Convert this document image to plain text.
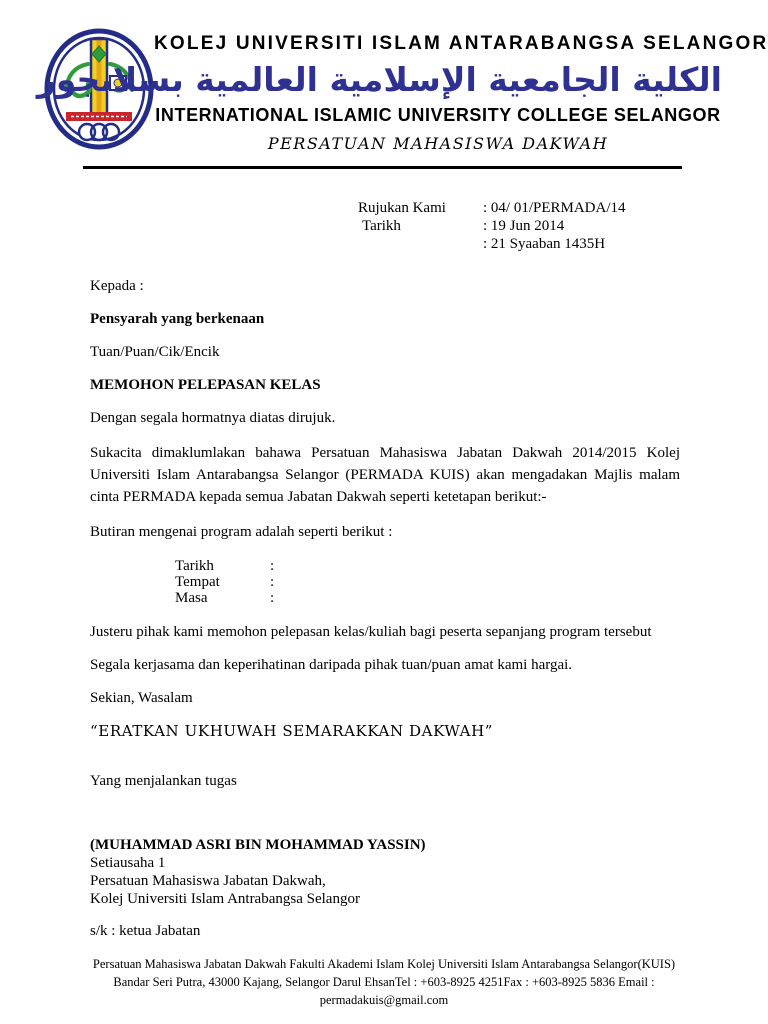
KOLEJ UNIVERSITI ISLAM ANTARABANGSA SELANGOR
الكلية الجامعية الإسلامية العالمية بسلانجور
INTERNATIONAL ISLAMIC UNIVERSITY COLLEGE SELANGOR
PERSATUAN MAHASISWA DAKWAH
Rujukan Kami	: 04/ 01/PERMADA/14
Tarikh	: 19 Jun 2014
: 21 Syaaban 1435H

Kepada :

Pensyarah yang berkenaan

Tuan/Puan/Cik/Encik

MEMOHON PELEPASAN KELAS

Dengan segala hormatnya diatas dirujuk.

Sukacita dimaklumlakan bahawa Persatuan Mahasiswa Jabatan Dakwah 2014/2015 Kolej Universiti Islam Antarabangsa Selangor (PERMADA KUIS) akan mengadakan Majlis malam cinta PERMADA kepada semua Jabatan Dakwah seperti ketetapan berikut:-

Butiran mengenai program adalah seperti berikut :

Tarikh	:
Tempat	:
Masa	:

Justeru pihak kami memohon pelepasan kelas/kuliah bagi peserta sepanjang program tersebut

Segala kerjasama dan keperihatinan daripada pihak tuan/puan amat kami hargai.

Sekian, Wasalam

“ERATKAN UKHUWAH SEMARAKKAN DAKWAH”

Yang menjalankan tugas

(MUHAMMAD ASRI BIN MOHAMMAD YASSIN)

Setiausaha 1

Persatuan Mahasiswa Jabatan Dakwah,

Kolej Universiti Islam Antrabangsa Selangor

s/k : ketua Jabatan

Persatuan Mahasiswa Jabatan Dakwah Fakulti Akademi Islam Kolej Universiti Islam Antarabangsa Selangor(KUIS)
Bandar Seri Putra, 43000 Kajang, Selangor Darul EhsanTel : +603-8925 4251Fax : +603-8925 5836 Email :
permadakuis@gmail.com
